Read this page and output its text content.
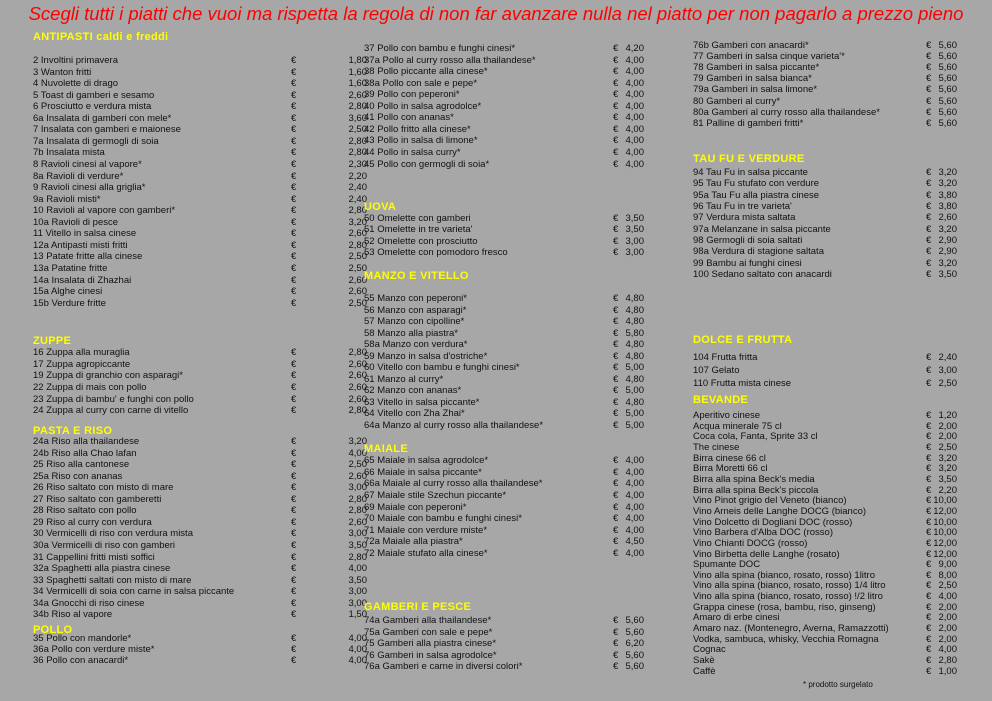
Scegli tutti i piatti che vuoi ma rispetta la regola di non far avanzare nulla nel piatto per non pagarlo a prezzo pieno
ANTIPASTI caldi e freddi
2 Involtini primavera	€	1,80
3 Wanton fritti	€	1,60
4 Nuvolette di drago	€	1,60
5 Toast di gamberi e sesamo	€	2,60
6 Prosciutto e verdura mista	€	2,80
6a Insalata di gamberi con mele*	€	3,60
7 Insalata con gamberi e maionese	€	2,50
7a Insalata di germogli di soia	€	2,80
7b Insalata mista	€	2,80
8 Ravioli cinesi al vapore*	€	2,30
8a Ravioli di verdure*	€	2,20
9 Ravioli cinesi alla griglia*	€	2,40
9a Ravioli misti*	€	2,40
10 Ravioli al vapore con gamberi*	€	2,80
10a Ravioli di pesce	€	3,20
11 Vitello in salsa cinese	€	2,60
12a Antipasti misti fritti	€	2,80
13 Patate fritte alla cinese	€	2,50
13a Patatine fritte	€	2,50
14a Insalata di Zhazhai	€	2,60
15a Alghe cinesi	€	2,60
15b Verdure fritte	€	2,50
ZUPPE
16 Zuppa alla muraglia	€	2,80
17 Zuppa agropiccante	€	2,60
19 Zuppa di granchio con asparagi*	€	2,60
22 Zuppa di mais con pollo	€	2,60
23 Zuppa di bambu' e funghi con pollo	€	2,60
24 Zuppa al curry con carne di vitello	€	2,80
PASTA E RISO
24a Riso alla thailandese	€	3,20
24b Riso alla Chao lafan	€	4,00
25 Riso alla cantonese	€	2,50
25a Riso con ananas	€	2,60
26 Riso saltato con misto di mare	€	3,00
27 Riso saltato con gamberetti	€	2,80
28 Riso saltato con pollo	€	2,80
29 Riso al curry con verdura	€	2,60
30 Vermicelli di riso con verdura mista	€	3,00
30a Vermicelli di riso con gamberi	€	3,50
31 Cappellini fritti misti soffici	€	2,80
32a Spaghetti alla piastra cinese	€	4,00
33 Spaghetti saltati con misto di mare	€	3,50
34 Vermicelli di soia con carne in salsa piccante	€	3,00
34a Gnocchi di riso cinese	€	3,00
34b Riso al vapore	€	1,50
POLLO
35 Pollo con mandorle*	€	4,00
36a Pollo con verdure miste*	€	4,00
36 Pollo con anacardi*	€	4,00
37 Pollo con bambu e funghi cinesi*	€ 4,20
37a Pollo al curry rosso alla thailandese*	€ 4,00
38 Pollo piccante alla cinese*	€ 4,00
38a Pollo con sale e pepe*	€ 4,00
39 Pollo con peperoni*	€ 4,00
40 Pollo in salsa agrodolce*	€ 4,00
41 Pollo con ananas*	€ 4,00
42 Pollo fritto alla cinese*	€ 4,00
43 Pollo in salsa di limone*	€ 4,00
44 Pollo in salsa curry*	€ 4,00
45 Pollo con germogli di soia*	€ 4,00
UOVA
50 Omelette con gamberi	€ 3,50
51 Omelette in tre varieta'	€ 3,50
52 Omelette con prosciutto	€ 3,00
53 Omelette con pomodoro fresco	€ 3,00
MANZO E VITELLO
55 Manzo con peperoni*	€ 4,80
56 Manzo con asparagi*	€ 4,80
57 Manzo con cipolline*	€ 4,80
58 Manzo alla piastra*	€ 5,80
58a Manzo con verdura*	€ 4,80
59 Manzo in salsa d'ostriche*	€ 4,80
60 Vitello con bambu e funghi cinesi*	€ 5,00
61 Manzo al curry*	€ 4,80
62 Manzo con ananas*	€ 5,00
63 Vitello in salsa piccante*	€ 4,80
64 Vitello con Zha Zhai*	€ 5,00
64a Manzo al curry rosso alla thailandese*	€ 5,00
MAIALE
65 Maiale in salsa agrodolce*	€ 4,00
66 Maiale in salsa piccante*	€ 4,00
66a Maiale al curry rosso alla thailandese*	€ 4,00
67 Maiale stile Szechun piccante*	€ 4,00
69 Maiale con peperoni*	€ 4,00
70 Maiale con bambu e funghi cinesi*	€ 4,00
71 Maiale con verdure miste*	€ 4,00
72a Maiale alla piastra*	€ 4,50
72 Maiale stufato alla cinese*	€ 4,00
GAMBERI E PESCE
74a Gamberi alla thailandese*	€ 5,60
75a Gamberi con sale e pepe*	€ 5,60
75 Gamberi alla piastra cinese*	€ 6,20
76 Gamberi in salsa agrodolce*	€ 5,60
76a Gamberi e carne in diversi colori*	€ 5,60
76b Gamberi con anacardi*	€ 5,60
77 Gamberi in salsa cinque varieta'*	€ 5,60
78 Gamberi in salsa piccante*	€ 5,60
79 Gamberi in salsa bianca*	€ 5,60
79a Gamberi in salsa limone*	€ 5,60
80 Gamberi al curry*	€ 5,60
80a Gamberi al curry rosso alla thailandese*	€ 5,60
81 Palline di gamberi fritti*	€ 5,60
TAU FU E VERDURE
94 Tau Fu in salsa piccante	€ 3,20
95 Tau Fu stufato con verdure	€ 3,20
95a Tau Fu alla piastra cinese	€ 3,80
96 Tau Fu in tre varieta'	€ 3,80
97 Verdura mista saltata	€ 2,60
97a Melanzane in salsa piccante	€ 3,20
98 Germogli di soia saltati	€ 2,90
98a Verdura di stagione saltata	€ 2,90
99 Bambu ai funghi cinesi	€ 3,20
100 Sedano saltato con anacardi	€ 3,50
DOLCE E FRUTTA
104 Frutta fritta	€ 2,40
107 Gelato	€ 3,00
110 Frutta mista cinese	€ 2,50
BEVANDE
Aperitivo cinese	€ 1,20
Acqua minerale 75 cl	€ 2,00
Coca cola, Fanta, Sprite 33 cl	€ 2,00
The cinese	€ 2,50
Birra cinese 66 cl	€ 3,20
Birra Moretti 66 cl	€ 3,20
Birra alla spina Beck's media	€ 3,50
Birra alla spina Beck's piccola	€ 2,20
Vino Pinot grigio del Veneto (bianco)	€ 10,00
Vino Arneis delle Langhe DOCG (bianco)	€ 12,00
Vino Dolcetto di Dogliani DOC (rosso)	€ 10,00
Vino Barbera d'Alba DOC (rosso)	€ 10,00
Vino Chianti DOCG (rosso)	€ 12,00
Vino Birbetta delle Langhe (rosato)	€ 12,00
Spumante DOC	€ 9,00
Vino alla spina (bianco, rosato, rosso) 1litro	€ 8,00
Vino alla spina (bianco, rosato, rosso) 1/4 litro	€ 2,50
Vino alla spina (bianco, rosato, rosso) !/2 litro	€ 4,00
Grappa cinese (rosa, bambu, riso, ginseng)	€ 2,00
Amaro di erbe cinesi	€ 2,00
Amaro naz. (Montenegro, Averna, Ramazzotti)	€ 2,00
Vodka, sambuca, whisky, Vecchia Romagna	€ 2,00
Cognac	€ 4,00
Sakè	€ 2,80
Caffè	€ 1,00
* prodotto surgelato
